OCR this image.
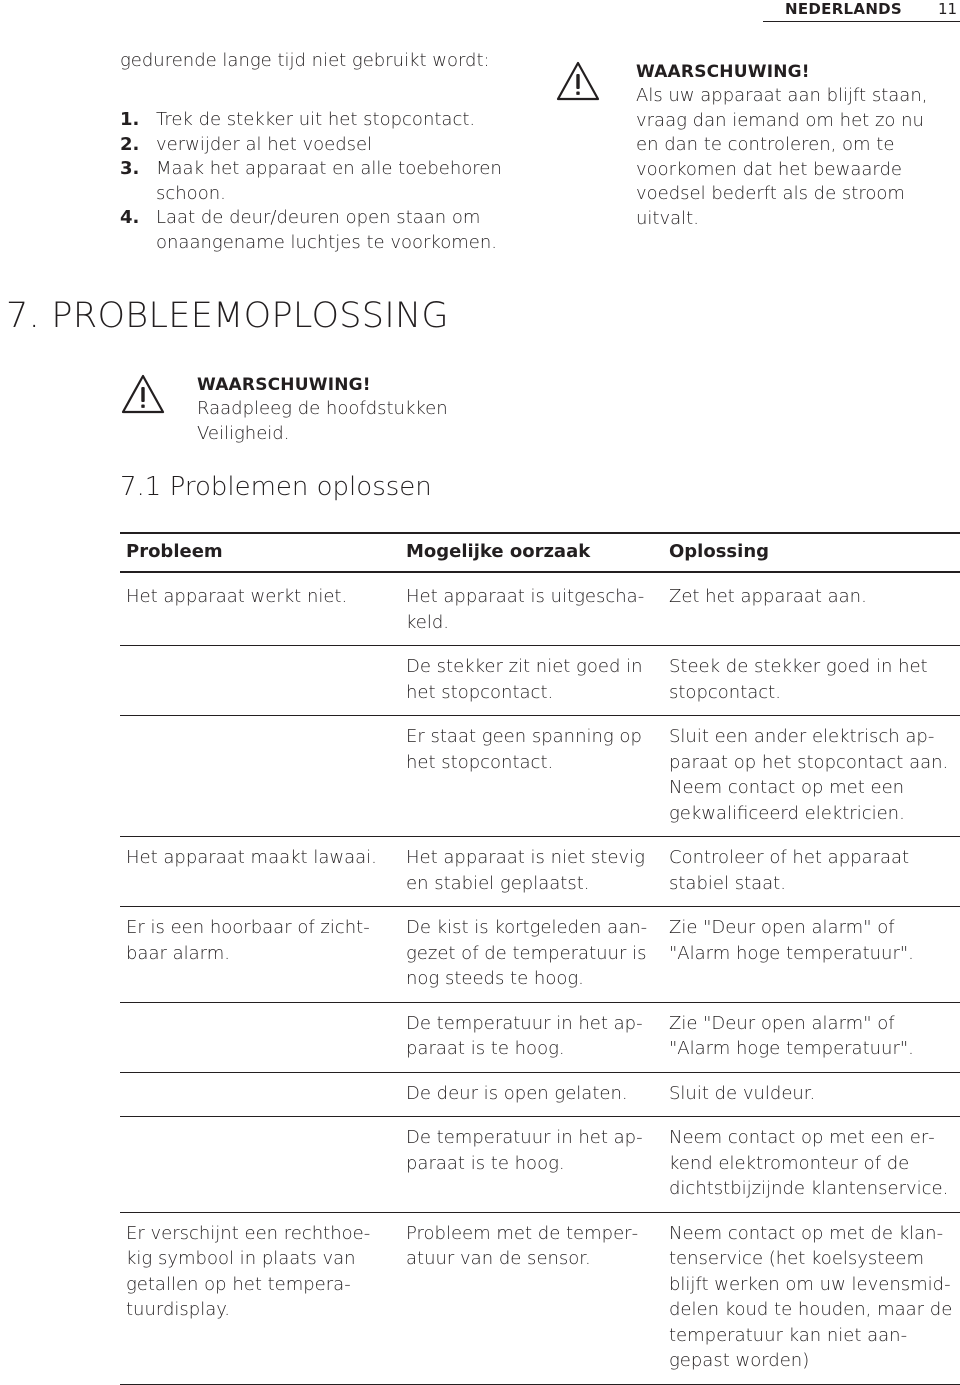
NEDERLANDS 11
gedurende lange tijd niet gebruikt wordt:
1. Trek de stekker uit het stopcontact.
2. verwijder al het voedsel
3. Maak het apparaat en alle toebehoren schoon.
4. Laat de deur/deuren open staan om onaangename luchtjes te voorkomen.
WAARSCHUWING!
Als uw apparaat aan blijft staan, vraag dan iemand om het zo nu en dan te controleren, om te voorkomen dat het bewaarde voedsel bederft als de stroom uitvalt.
7. PROBLEEMOPLOSSING
WAARSCHUWING!
Raadpleeg de hoofdstukken Veiligheid.
7.1 Problemen oplossen
Probleem	Mogelijke oorzaak	Oplossing
Het apparaat werkt niet.	Het apparaat is uitgeschakeld.	Zet het apparaat aan.
	De stekker zit niet goed in het stopcontact.	Steek de stekker goed in het stopcontact.
	Er staat geen spanning op het stopcontact.	Sluit een ander elektrisch apparaat op het stopcontact aan. Neem contact op met een gekwalificeerd elektricien.
Het apparaat maakt lawaai.	Het apparaat is niet stevig en stabiel geplaatst.	Controleer of het apparaat stabiel staat.
Er is een hoorbaar of zichtbaar alarm.	De kist is kortgeleden aangezet of de temperatuur is nog steeds te hoog.	Zie "Deur open alarm" of "Alarm hoge temperatuur".
	De temperatuur in het apparaat is te hoog.	Zie "Deur open alarm" of "Alarm hoge temperatuur".
	De deur is open gelaten.	Sluit de vuldeur.
	De temperatuur in het apparaat is te hoog.	Neem contact op met een erkend elektromonteur of de dichtstbijzijnde klantenservice.
Er verschijnt een rechthoekig symbool in plaats van getallen op het temperatuurdisplay.	Probleem met de temperatuur van de sensor.	Neem contact op met de klantenservice (het koelsysteem blijft werken om uw levensmiddelen koud te houden, maar de temperatuur kan niet aangepast worden)
